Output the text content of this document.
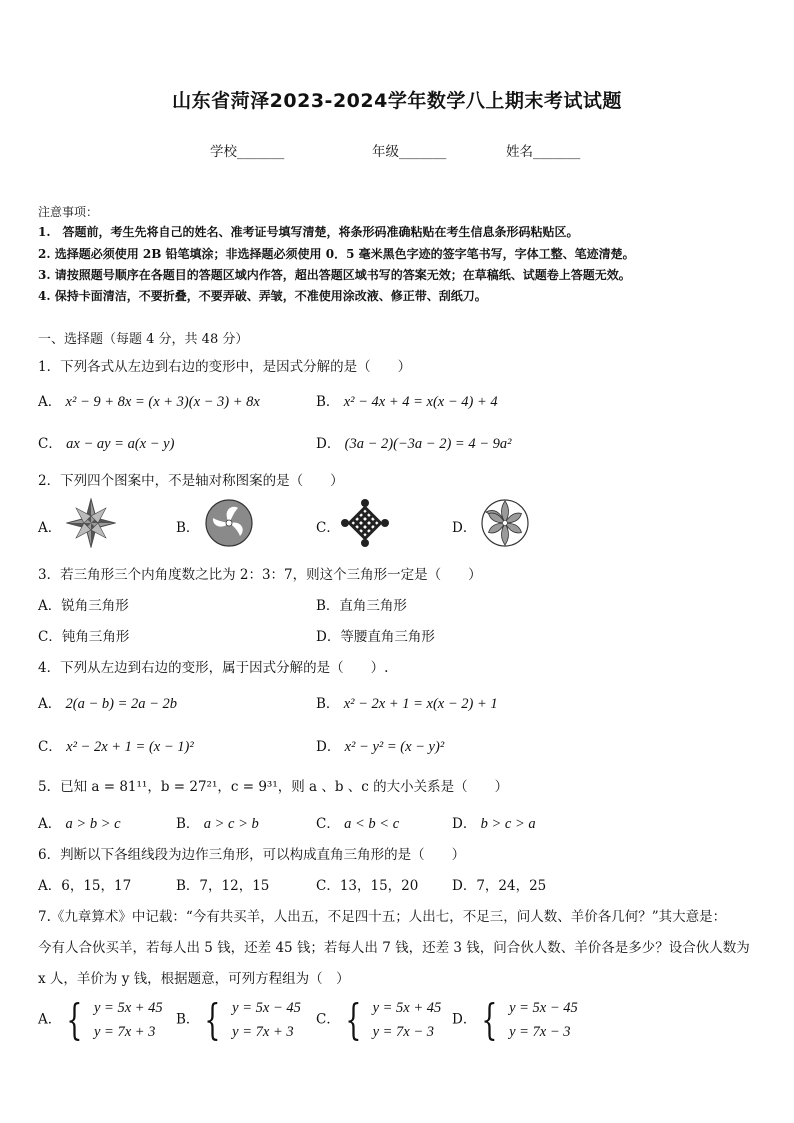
山东省菏泽2023-2024学年数学八上期末考试试题
学校_______	年级_______	姓名_______
注意事项：
1.　答题前，考生先将自己的姓名、准考证号填写清楚，将条形码准确粘贴在考生信息条形码粘贴区。
2. 选择题必须使用 2B 铅笔填涂；非选择题必须使用 0．5 毫米黑色字迹的签字笔书写，字体工整、笔迹清楚。
3. 请按照题号顺序在各题目的答题区域内作答，超出答题区域书写的答案无效；在草稿纸、试题卷上答题无效。
4. 保持卡面清洁，不要折叠，不要弄破、弄皱，不准使用涂改液、修正带、刮纸刀。
一、选择题（每题 4 分，共 48 分）
1．下列各式从左边到右边的变形中，是因式分解的是（　　）
A． x² − 9 + 8x = (x + 3)(x − 3) + 8x	B． x² − 4x + 4 = x(x − 4) + 4
C． ax − ay = a(x − y)	D． (3a − 2)(−3a − 2) = 4 − 9a²
2．下列四个图案中，不是轴对称图案的是（　　）
A．	B．	C．	D．
3．若三角形三个内角度数之比为 2：3：7，则这个三角形一定是（　　）
A．锐角三角形	B．直角三角形
C．钝角三角形	D．等腰直角三角形
4．下列从左边到右边的变形，属于因式分解的是（　　）.
A． 2(a − b) = 2a − 2b	B． x² − 2x + 1 = x(x − 2) + 1
C． x² − 2x + 1 = (x − 1)²	D． x² − y² = (x − y)²
5．已知 a = 81¹¹，b = 27²¹，c = 9³¹，则 a 、b 、c 的大小关系是（　　）
A． a > b > c	B． a > c > b	C． a < b < c	D． b > c > a
6．判断以下各组线段为边作三角形，可以构成直角三角形的是（　　）
A．6，15，17	B．7，12，15	C．13，15，20 D．7，24，25
7.《九章算术》中记载：“今有共买羊，人出五，不足四十五；人出七，不足三，问人数、羊价各几何？”其大意是：
今有人合伙买羊，若每人出 5 钱，还差 45 钱；若每人出 7 钱，还差 3 钱，问合伙人数、羊价各是多少？设合伙人数为
x 人，羊价为 y 钱，根据题意，可列方程组为（　）
A． { y = 5x + 45
y = 7x + 3
B． { y = 5x − 45
y = 7x + 3
C． { y = 5x + 45
y = 7x − 3
D． { y = 5x − 45
y = 7x − 3
